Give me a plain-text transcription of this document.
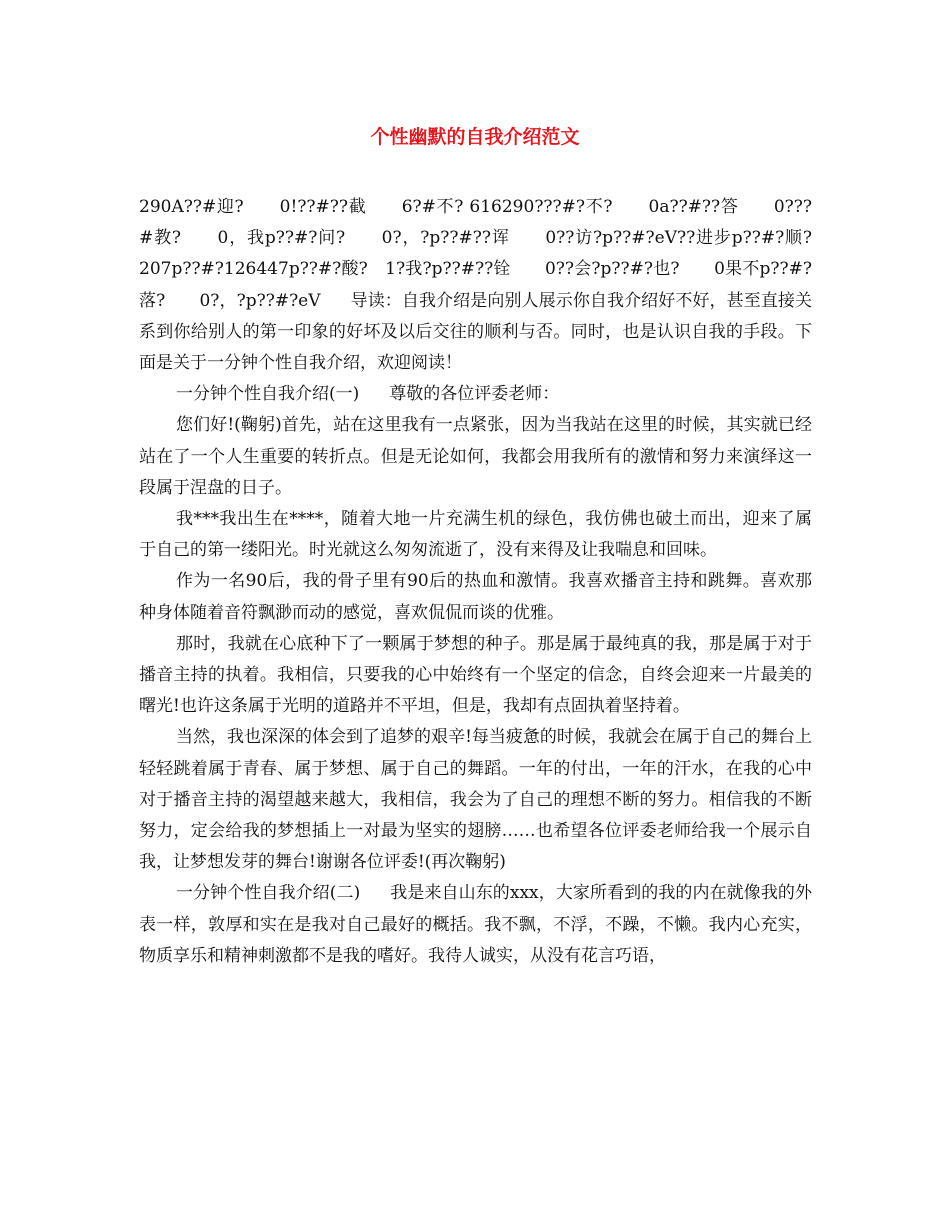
个性幽默的自我介绍范文

290A??#迎?　　0!??#??截　　6?#不? 616290???#?不?　　0a??#??答　　0???#教?　　0，我p??#?问?　　0?，?p??#??诨　　0??访?p??#?eV??进步p??#?顺?　207p??#?126447p??#?酸?　1?我?p??#??铨　　0??会?p??#?也?　　0果不p??#?落?　　0?，?p??#?eV 导读：自我介绍是向别人展示你自我介绍好不好，甚至直接关系到你给别人的第一印象的好坏及以后交往的顺利与否。同时，也是认识自我的手段。下面是关于一分钟个性自我介绍，欢迎阅读！

一分钟个性自我介绍(一) 尊敬的各位评委老师：

您们好!(鞠躬)首先，站在这里我有一点紧张，因为当我站在这里的时候，其实就已经站在了一个人生重要的转折点。但是无论如何，我都会用我所有的激情和努力来演绎这一段属于涅盘的日子。

我***我出生在****，随着大地一片充满生机的绿色，我仿佛也破土而出，迎来了属于自己的第一缕阳光。时光就这么匆匆流逝了，没有来得及让我喘息和回味。

作为一名90后，我的骨子里有90后的热血和激情。我喜欢播音主持和跳舞。喜欢那种身体随着音符飘渺而动的感觉，喜欢侃侃而谈的优雅。

那时，我就在心底种下了一颗属于梦想的种子。那是属于最纯真的我，那是属于对于播音主持的执着。我相信，只要我的心中始终有一个坚定的信念，自终会迎来一片最美的曙光!也许这条属于光明的道路并不平坦，但是，我却有点固执着坚持着。

当然，我也深深的体会到了追梦的艰辛!每当疲惫的时候，我就会在属于自己的舞台上轻轻跳着属于青春、属于梦想、属于自己的舞蹈。一年的付出，一年的汗水，在我的心中对于播音主持的渴望越来越大，我相信，我会为了自己的理想不断的努力。相信我的不断努力，定会给我的梦想插上一对最为坚实的翅膀……也希望各位评委老师给我一个展示自我，让梦想发芽的舞台!谢谢各位评委!(再次鞠躬)

一分钟个性自我介绍(二) 我是来自山东的xxx，大家所看到的我的内在就像我的外表一样，敦厚和实在是我对自己最好的概括。我不飘，不浮，不躁，不懒。我内心充实，物质享乐和精神刺激都不是我的嗜好。我待人诚实，从没有花言巧语，
